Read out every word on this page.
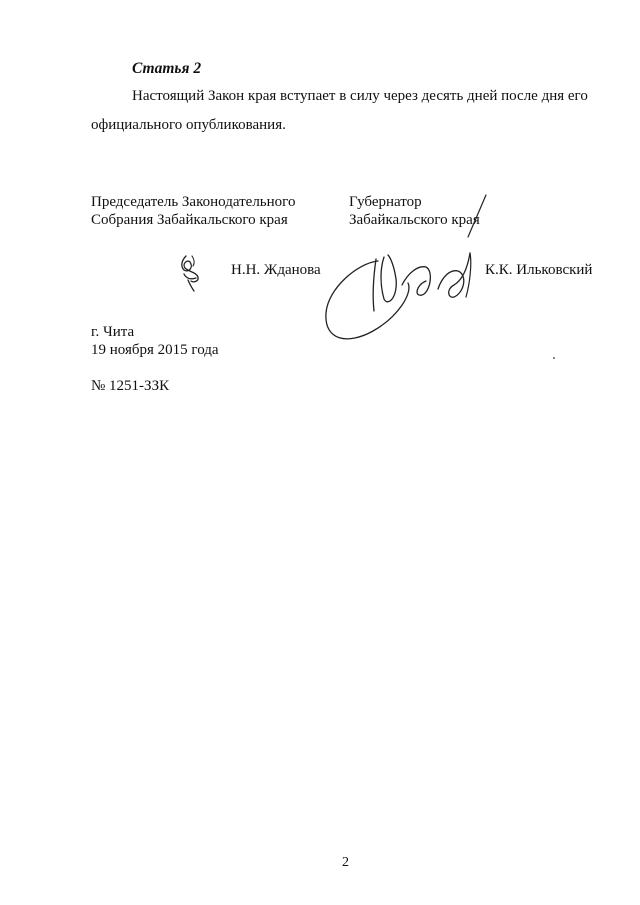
Статья 2
Настоящий Закон края вступает в силу через десять дней после дня его
официального опубликования.
Председатель Законодательного
Собрания Забайкальского края
Губернатор
Забайкальского края
Н.Н. Жданова	К.К. Ильковский
г. Чита
19 ноября 2015 года
№ 1251-ЗЗК
2
